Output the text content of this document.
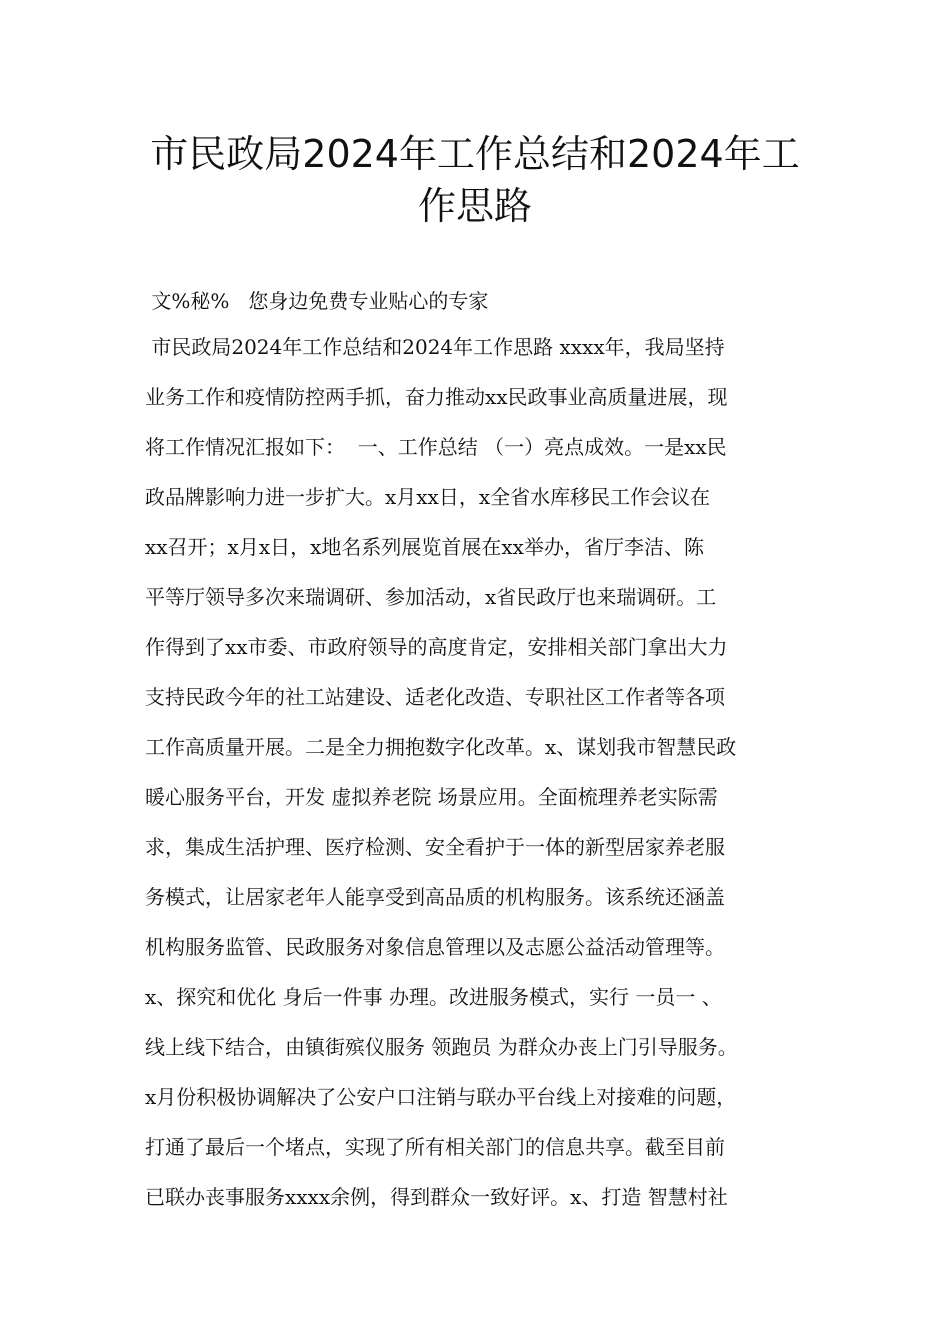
市民政局2024年工作总结和2024年工
作思路
文%秘%   您身边免费专业贴心的专家
市民政局2024年工作总结和2024年工作思路 xxxx年，我局坚持
业务工作和疫情防控两手抓，奋力推动xx民政事业高质量进展，现
将工作情况汇报如下：  一、工作总结 （一）亮点成效。一是xx民
政品牌影响力进一步扩大。x月xx日，x全省水库移民工作会议在
xx召开；x月x日，x地名系列展览首展在xx举办，省厅李洁、陈
平等厅领导多次来瑞调研、参加活动，x省民政厅也来瑞调研。工
作得到了xx市委、市政府领导的高度肯定，安排相关部门拿出大力
支持民政今年的社工站建设、适老化改造、专职社区工作者等各项
工作高质量开展。二是全力拥抱数字化改革。x、谋划我市智慧民政
暖心服务平台，开发 虚拟养老院 场景应用。全面梳理养老实际需
求，集成生活护理、医疗检测、安全看护于一体的新型居家养老服
务模式，让居家老年人能享受到高品质的机构服务。该系统还涵盖
机构服务监管、民政服务对象信息管理以及志愿公益活动管理等。
x、探究和优化 身后一件事 办理。改进服务模式，实行 一员一 、
线上线下结合，由镇街殡仪服务 领跑员 为群众办丧上门引导服务。
x月份积极协调解决了公安户口注销与联办平台线上对接难的问题，
打通了最后一个堵点，实现了所有相关部门的信息共享。截至目前
已联办丧事服务xxxx余例，得到群众一致好评。x、打造 智慧村社
